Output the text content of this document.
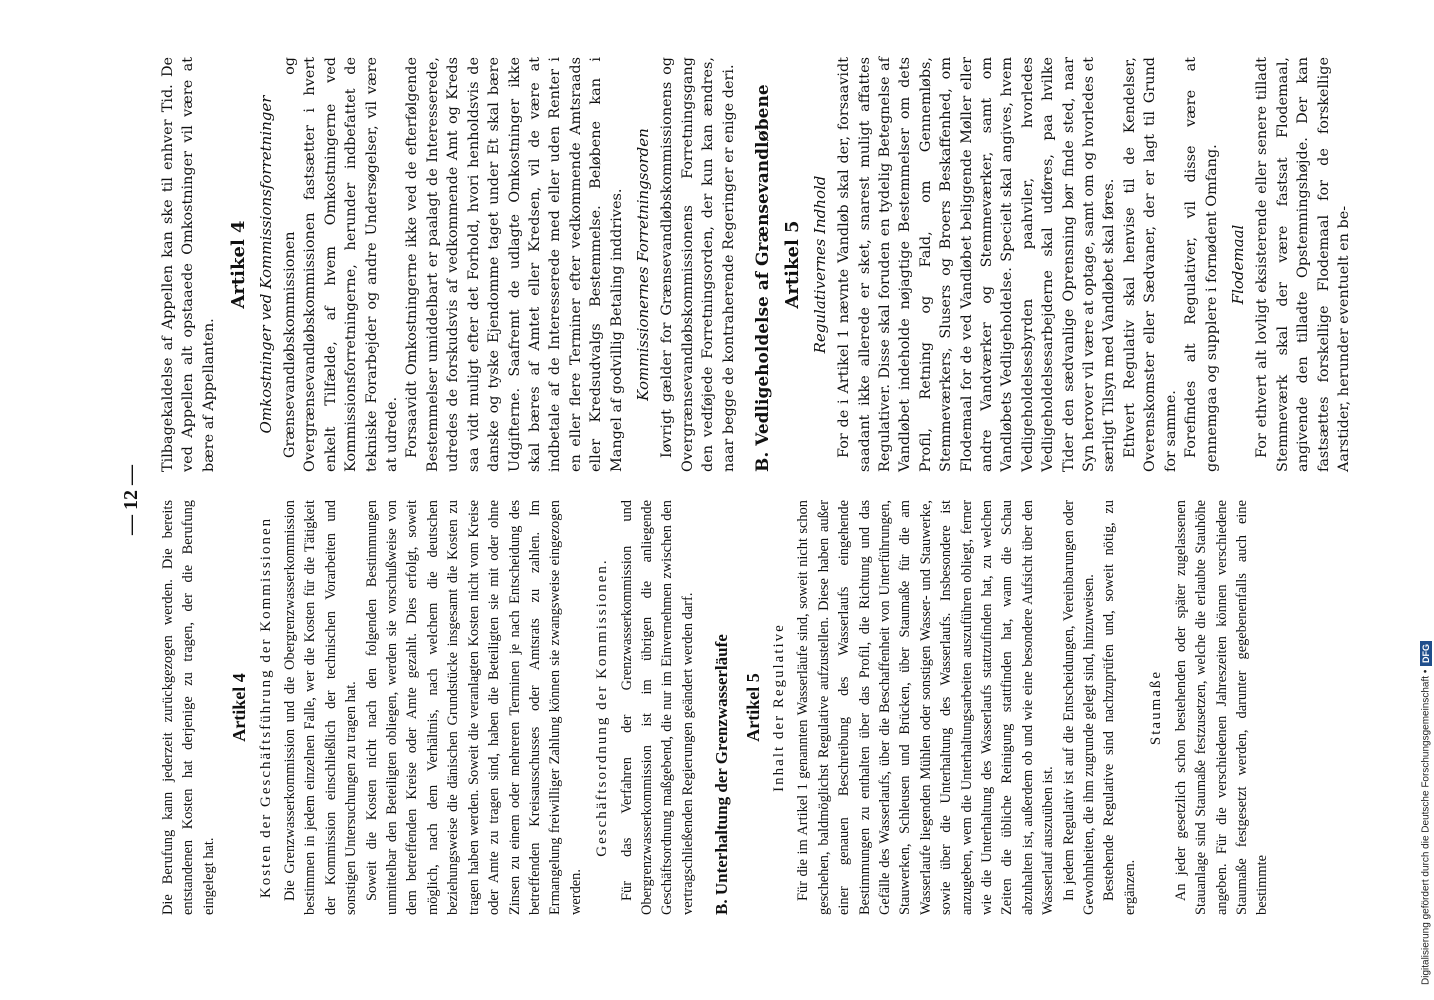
— 12 — Die Berufung kann jederzeit zurückgezogen werden. Die bereits entstandenen Kosten hat derjenige zu tragen, der die Berufung eingelegt hat.

Artikel 4 Kosten der Geschäftsführung der Kommissionen Die Grenzwasserkommission und die Obergrenzwasserkommission bestimmen in jedem einzelnen Falle, wer die Kosten für die Tätigkeit der Kommission einschließlich der technischen Vorarbeiten und sonstigen Untersuchungen zu tragen hat. Soweit die Kosten nicht nach den folgenden Bestimmungen unmittelbar den Beteiligten obliegen, werden sie vorschußweise von dem betreffenden Kreise oder Amte gezahlt. Dies erfolgt, soweit möglich, nach dem Verhältnis, nach welchem die deutschen beziehungsweise die dänischen Grundstücke insgesamt die Kosten zu tragen haben werden. Soweit die veranlagten Kosten nicht vom Kreise oder Amte zu tragen sind, haben die Beteiligten sie mit oder ohne Zinsen zu einem oder mehreren Terminen je nach Entscheidung des betreffenden Kreisausschusses oder Amtsrats zu zahlen. Im Ermangelung freiwilliger Zahlung können sie zwangsweise eingezogen werden.

Geschäftsordnung der Kommissionen. Für das Verfahren der Grenzwasserkommission und Obergrenzwasserkommission ist im übrigen die anliegende Geschäftsordnung maßgebend, die nur im Einvernehmen zwischen den vertragschließenden Regierungen geändert werden darf. B. Unterhaltung der Grenzwasserläufe Artikel 5 Inhalt der Regulative Für die im Artikel 1 genannten Wasserläufe sind, soweit nicht schon geschehen, baldmöglichst Regulative aufzustellen. Diese haben außer einer genauen Beschreibung des Wasserlaufs eingehende Bestimmungen zu enthalten über das Profil, die Richtung und das Gefälle des Wasserlaufs, über die Beschaffenheit von Unterführungen, Stauwerken, Schleusen und Brücken, über Staumaße für die am Wasserlaufe liegenden Mühlen oder sonstigen Wasser- und Stauwerke, sowie über die Unterhaltung des Wasserlaufs. Insbesondere ist anzugeben, wem die Unterhaltungsarbeiten auszuführen obliegt, ferner wie die Unterhaltung des Wasserlaufs stattzufinden hat, zu welchen Zeiten die übliche Reinigung stattfinden hat, wann die Schau abzuhalten ist, außerdem ob und wie eine besondere Aufsicht über den Wasserlauf auszuüben ist. In jedem Regulativ ist auf die Entscheidungen, Vereinbarungen oder Gewohnheiten, die ihm zugrunde gelegt sind, hinzuweisen. Bestehende Regulative sind nachzuprüfen und, soweit nötig, zu ergänzen.

Staumaße An jeder gesetzlich schon bestehenden oder später zugelassenen Stauanlage sind Staumaße festzusetzen, welche die erlaubte Stauhöhe angeben. Für die verschiedenen Jahreszeiten können verschiedene Staumaße festgesetzt werden, darunter gegebenenfalls auch eine bestimmte

Tilbagekaldelse af Appellen kan ske til enhver Tid. De ved Appellen alt opstaaede Omkostninger vil være at bære af Appellanten.

Artikel 4 Omkostninger ved Kommissionsforretninger Grænsevandløbskommissionen og Overgrænsevandløbskommissionen fastsætter i hvert enkelt Tilfælde, af hvem Omkostningerne ved Kommissionsforretningerne, herunder indbefattet de tekniske Forarbejder og andre Undersøgelser, vil være at udrede. Forsaavidt Omkostningerne ikke ved de efterfølgende Bestemmelser umiddelbart er paalagt de Interesserede, udredes de forskudsvis af vedkommende Amt og Kreds saa vidt muligt efter det Forhold, hvori henholdsvis de danske og tyske Ejendomme taget under Et skal bære Udgifterne. Saafremt de udlagte Omkostninger ikke skal bæres af Amtet eller Kredsen, vil de være at indbetale af de Interesserede med eller uden Renter i en eller flere Terminer efter vedkommende Amtsraads eller Kredsudvalgs Bestemmelse. Beløbene kan i Mangel af godvillig Betaling inddrives. Kommissionernes Forretningsorden Iøvrigt gælder for Grænsevandløbskommissionens og Overgrænsevandløbskommissionens Forretningsgang den vedføjede Forretningsorden, der kun kan ændres, naar begge de kontraherende Regeringer er enige deri. B. Vedligeholdelse af Grænsevandløbene Artikel 5 Regulativernes Indhold For de i Artikel 1 nævnte Vandløb skal der, forsaavidt saadant ikke allerede er sket, snarest muligt affattes Regulativer. Disse skal foruden en tydelig Betegnelse af Vandløbet indeholde nøjagtige Bestemmelser om dets Profil, Retning og Fald, om Gennemløbs, Stemmeværkers, Slusers og Broers Beskaffenhed, om Flodemaal for de ved Vandløbet beliggende Møller eller andre Vandværker og Stemmeværker, samt om Vandløbets Vedligeholdelse. Specielt skal angives, hvem Vedligeholdelsesbyrden paahviler, hvorledes Vedligeholdelsesarbejderne skal udføres, paa hvilke Tider den sædvanlige Oprensning bør finde sted, naar Syn herover vil være at optage, samt om og hvorledes et særligt Tilsyn med Vandløbet skal føres. Ethvert Regulativ skal henvise til de Kendelser, Overenskomster eller Sædvaner, der er lagt til Grund for samme. Forefindes alt Regulativer, vil disse være at gennemgaa og supplere i fornødent Omfang. Flodemaal For ethvert alt lovligt eksisterende eller senere tilladt Stemmeværk skal der være fastsat Flodemaal, angivende den tilladte Opstemningshøjde. Der kan fastsættes forskellige Flodemaal for de forskellige Aarstider, herunder eventuelt en be-

Digitalisierung gefördert durch die Deutsche Forschungsgemeinschaft •
DFG
